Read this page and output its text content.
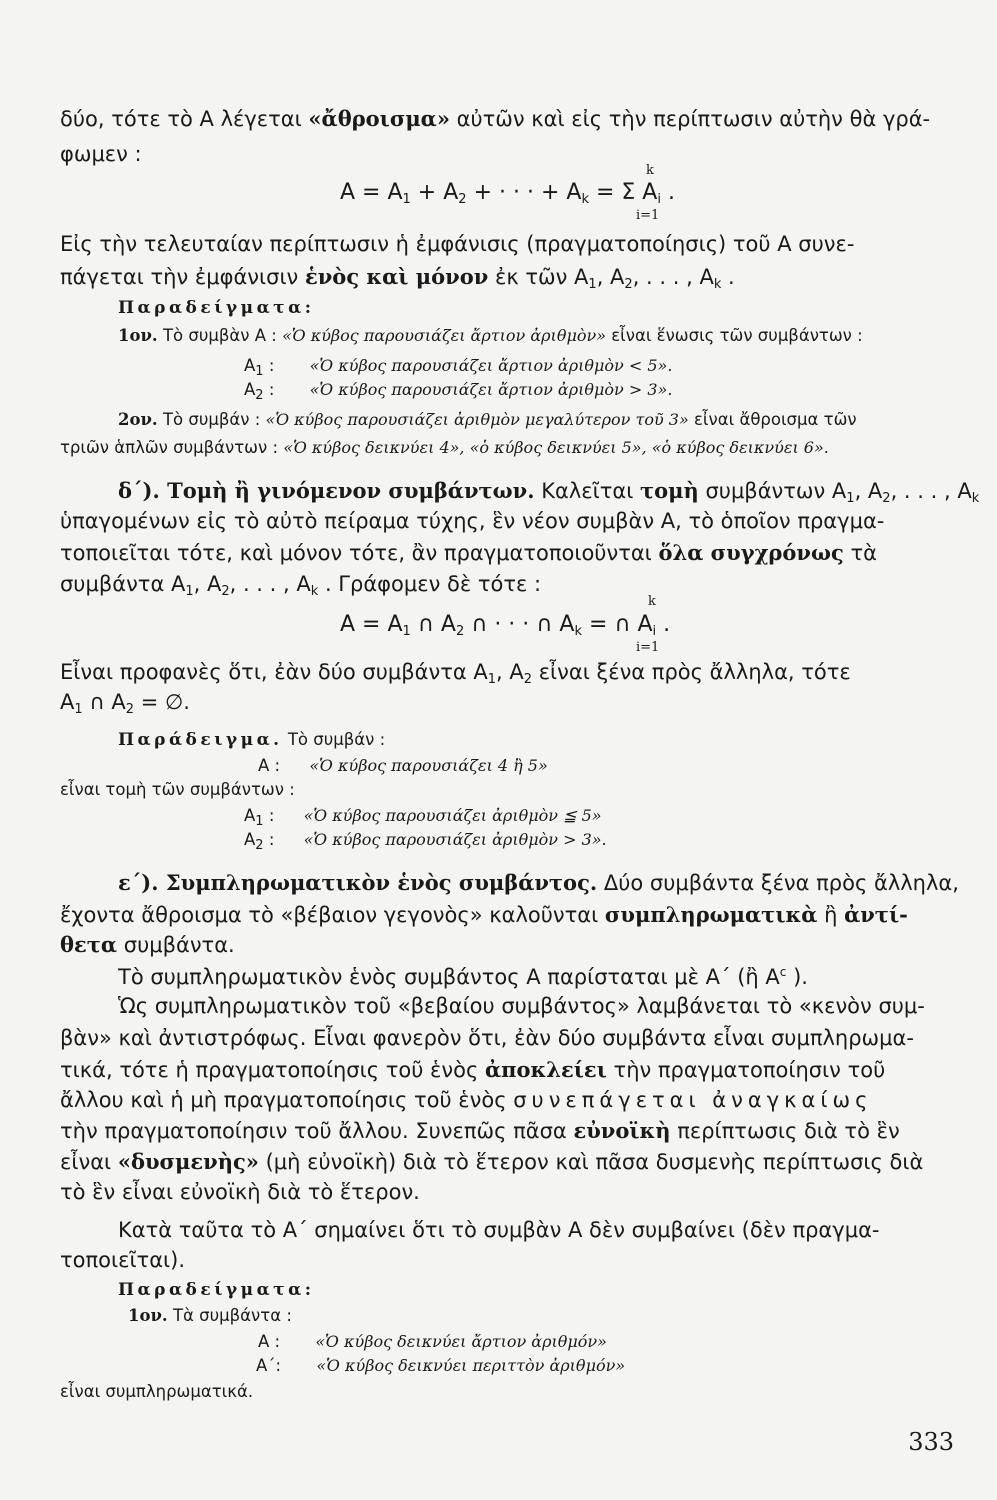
δύο, τότε τὸ Α λέγεται «ἄθροισμα» αὐτῶν καὶ εἰς τὴν περίπτωσιν αὐτὴν θὰ γρά-
φωμεν :
$A = A_1 + A_2$ + · · · + $A_k = \Sigma$ $A_i$ .
k
i=1
Εἰς τὴν τελευταίαν περίπτωσιν ἡ ἐμφάνισις (πραγματοποίησις) τοῦ Α συνε-
πάγεται τὴν ἐμφάνισιν ἑνὸς καὶ μόνον ἐκ τῶν $A_1$, $A_2$, . . . , $A_k$ .
Παραδείγματα:
1ον. Τὸ συμβὰν Α : «Ὁ κύβος παρουσιάζει ἄρτιον ἀριθμὸν» εἶναι ἕνωσις τῶν συμβάντων :
$A_1$ : «Ὁ κύβος παρουσιάζει ἄρτιον ἀριθμὸν < 5».
$A_2$ : «Ὁ κύβος παρουσιάζει ἄρτιον ἀριθμὸν > 3».
2ον. Τὸ συμβάν : «Ὁ κύβος παρουσιάζει ἀριθμὸν μεγαλύτερον τοῦ 3» εἶναι ἄθροισμα τῶν
τριῶν ἁπλῶν συμβάντων : «Ὁ κύβος δεικνύει 4», «ὁ κύβος δεικνύει 5», «ὁ κύβος δεικνύει 6».
δ΄). Τομὴ ἢ γινόμενον συμβάντων. Καλεῖται τομὴ συμβάντων $A_1$, $A_2$, . . . , $A_k$
ὑπαγομένων εἰς τὸ αὐτὸ πείραμα τύχης, ἓν νέον συμβὰν Α, τὸ ὁποῖον πραγμα-
τοποιεῖται τότε, καὶ μόνον τότε, ἂν πραγματοποιοῦνται ὅλα συγχρόνως τὰ
συμβάντα $A_1$, $A_2$, . . . , $A_k$ . Γράφομεν δὲ τότε :
$A = A_1$ ∩ $A_2$ ∩ · · · ∩ $A_k$ = ∩ $A_i$ .
k
i=1
Εἶναι προφανὲς ὅτι, ἐὰν δύο συμβάντα $A_1$, $A_2$ εἶναι ξένα πρὸς ἄλληλα, τότε
$A_1$ ∩ $A_2$ = ∅.
Παράδειγμα. Τὸ συμβάν :
A : «Ὁ κύβος παρουσιάζει 4 ἢ 5»
εἶναι τομὴ τῶν συμβάντων :
$A_1$ : «Ὁ κύβος παρουσιάζει ἀριθμὸν ≦ 5»
$A_2$ : «Ὁ κύβος παρουσιάζει ἀριθμὸν > 3».
ε΄). Συμπληρωματικὸν ἑνὸς συμβάντος. Δύο συμβάντα ξένα πρὸς ἄλληλα,
ἔχοντα ἄθροισμα τὸ «βέβαιον γεγονὸς» καλοῦνται συμπληρωματικὰ ἢ ἀντί-
θετα συμβάντα.
Τὸ συμπληρωματικὸν ἑνὸς συμβάντος Α παρίσταται μὲ Α΄ (ἢ $A^c$ ).
Ὡς συμπληρωματικὸν τοῦ «βεβαίου συμβάντος» λαμβάνεται τὸ «κενὸν συμ-
βὰν» καὶ ἀντιστρόφως. Εἶναι φανερὸν ὅτι, ἐὰν δύο συμβάντα εἶναι συμπληρωμα-
τικά, τότε ἡ πραγματοποίησις τοῦ ἑνὸς ἀποκλείει τὴν πραγματοποίησιν τοῦ
ἄλλου καὶ ἡ μὴ πραγματοποίησις τοῦ ἑνὸς συνεπάγεται ἀναγκαίως
τὴν πραγματοποίησιν τοῦ ἄλλου. Συνεπῶς πᾶσα εὐνοϊκὴ περίπτωσις διὰ τὸ ἓν
εἶναι «δυσμενὴς» (μὴ εὐνοϊκὴ) διὰ τὸ ἕτερον καὶ πᾶσα δυσμενὴς περίπτωσις διὰ
τὸ ἓν εἶναι εὐνοϊκὴ διὰ τὸ ἕτερον.
Κατὰ ταῦτα τὸ Α΄ σημαίνει ὅτι τὸ συμβὰν Α δὲν συμβαίνει (δὲν πραγμα-
τοποιεῖται).
Παραδείγματα:
1ον. Τὰ συμβάντα :
A : «Ὁ κύβος δεικνύει ἄρτιον ἀριθμόν»
A΄: «Ὁ κύβος δεικνύει περιττὸν ἀριθμόν»
εἶναι συμπληρωματικά.
333
